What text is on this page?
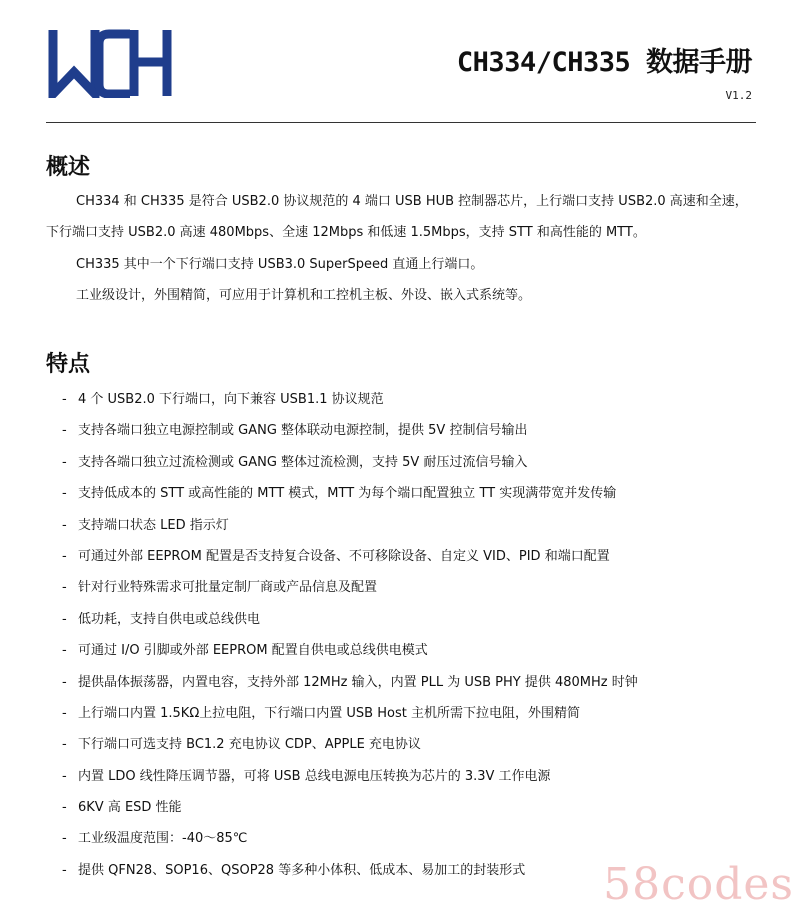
CH334/CH335 数据手册
V1.2
概述

CH334 和 CH335 是符合 USB2.0 协议规范的 4 端口 USB HUB 控制器芯片，上行端口支持 USB2.0 高速和全速，下行端口支持 USB2.0 高速 480Mbps、全速 12Mbps 和低速 1.5Mbps，支持 STT 和高性能的 MTT。

CH335 其中一个下行端口支持 USB3.0 SuperSpeed 直通上行端口。

工业级设计，外围精简，可应用于计算机和工控机主板、外设、嵌入式系统等。

特点
- 4 个 USB2.0 下行端口，向下兼容 USB1.1 协议规范
- 支持各端口独立电源控制或 GANG 整体联动电源控制，提供 5V 控制信号输出
- 支持各端口独立过流检测或 GANG 整体过流检测，支持 5V 耐压过流信号输入
- 支持低成本的 STT 或高性能的 MTT 模式，MTT 为每个端口配置独立 TT 实现满带宽并发传输
- 支持端口状态 LED 指示灯
- 可通过外部 EEPROM 配置是否支持复合设备、不可移除设备、自定义 VID、PID 和端口配置
- 针对行业特殊需求可批量定制厂商或产品信息及配置
- 低功耗，支持自供电或总线供电
- 可通过 I/O 引脚或外部 EEPROM 配置自供电或总线供电模式
- 提供晶体振荡器，内置电容，支持外部 12MHz 输入，内置 PLL 为 USB PHY 提供 480MHz 时钟
- 上行端口内置 1.5KΩ上拉电阻，下行端口内置 USB Host 主机所需下拉电阻，外围精简
- 下行端口可选支持 BC1.2 充电协议 CDP、APPLE 充电协议
- 内置 LDO 线性降压调节器，可将 USB 总线电源电压转换为芯片的 3.3V 工作电源
- 6KV 高 ESD 性能
- 工业级温度范围：-40～85℃
- 提供 QFN28、SOP16、QSOP28 等多种小体积、低成本、易加工的封装形式	58codes
